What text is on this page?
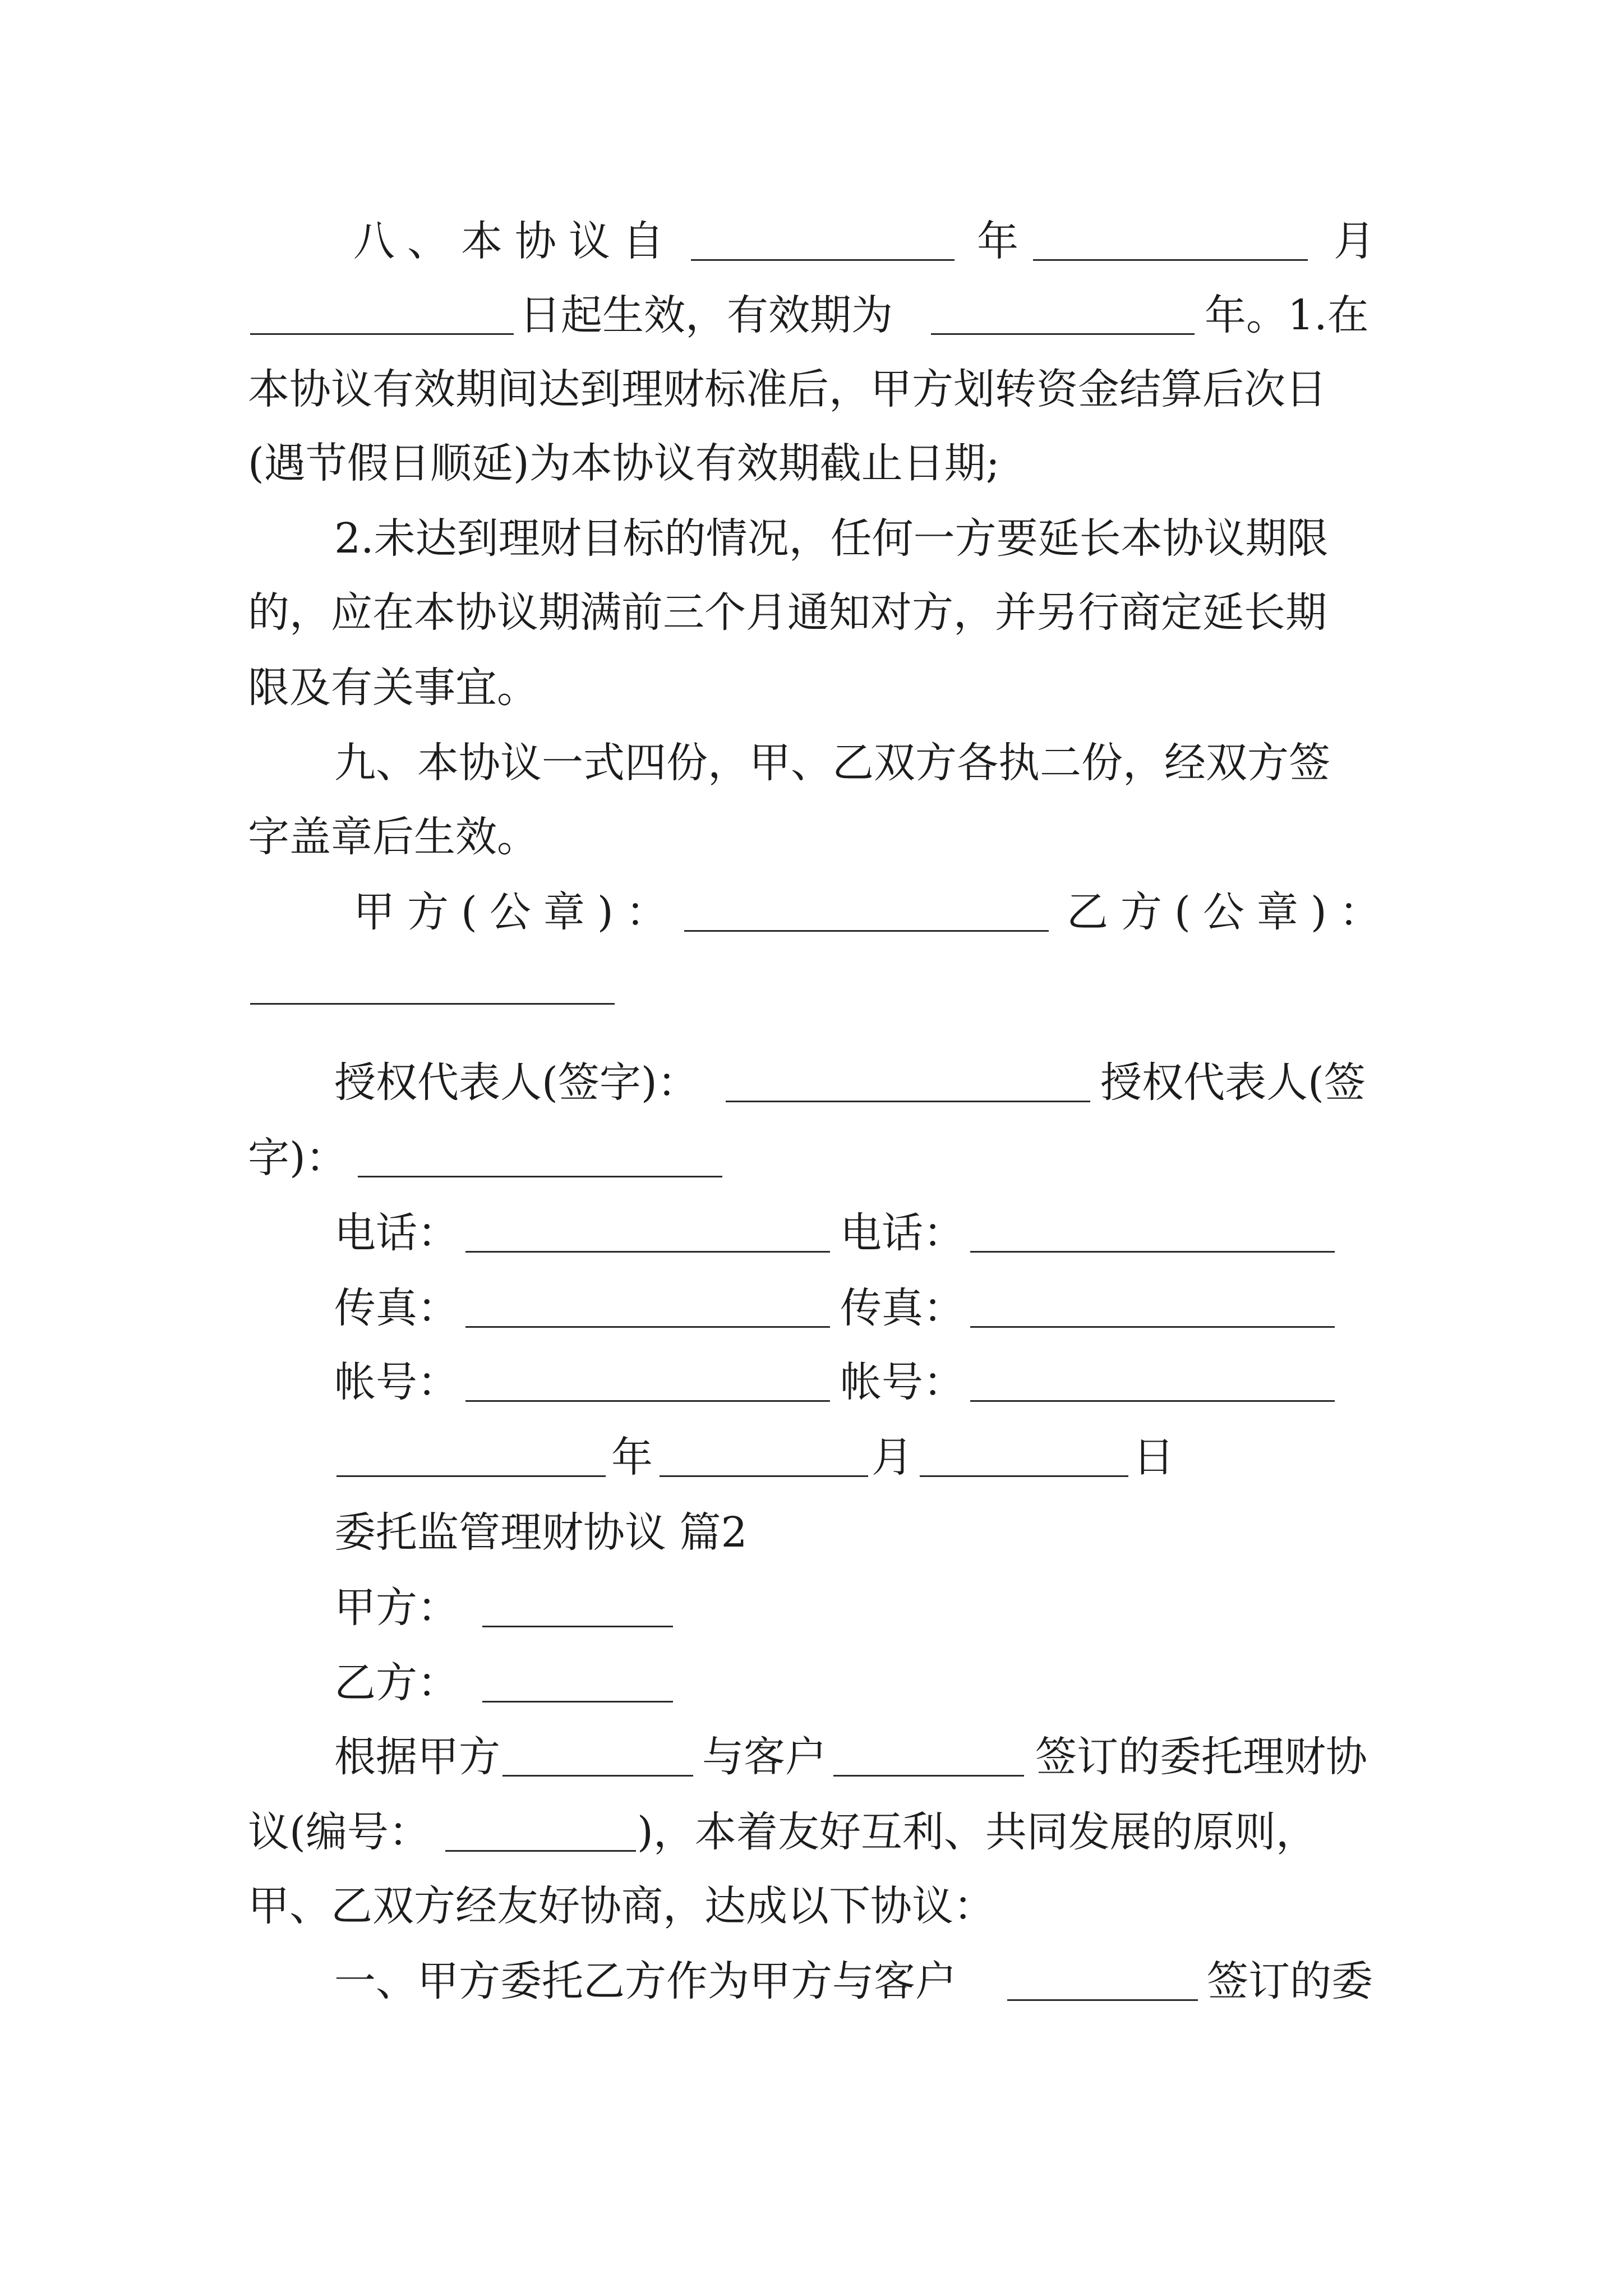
八、本协议自	年	月
日起生效，有效期为	年。1.在
本协议有效期间达到理财标准后，甲方划转资金结算后次日
(遇节假日顺延)为本协议有效期截止日期;
2.未达到理财目标的情况，任何一方要延长本协议期限
的，应在本协议期满前三个月通知对方，并另行商定延长期
限及有关事宜。
九、本协议一式四份，甲、乙双方各执二份，经双方签
字盖章后生效。
甲方(公章)：	乙方(公章)：
授权代表人(签字)：	授权代表人(签
字)：
电话：	电话：
传真：	传真：
帐号：	帐号：
年	月	日
委托监管理财协议 篇2
甲方：
乙方：
根据甲方	与客户	签订的委托理财协
议(编号：	)，本着友好互利、共同发展的原则，
甲、乙双方经友好协商，达成以下协议：
一、甲方委托乙方作为甲方与客户	签订的委
